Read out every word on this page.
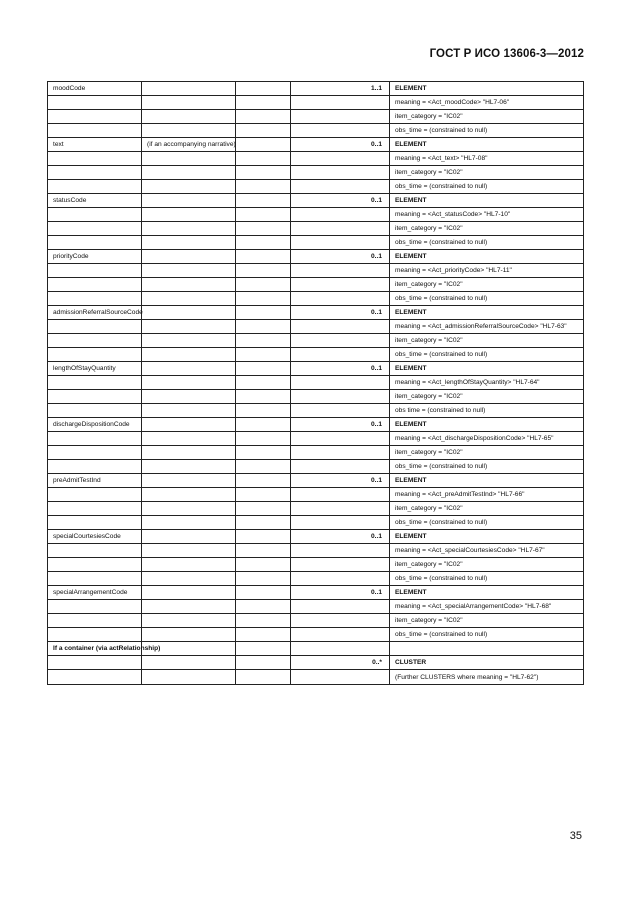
ГОСТ Р ИСО 13606-3—2012
moodCode			1..1	ELEMENT
				meaning = <Act_moodCode> "HL7-06"
				item_category = "IC02"
				obs_time = (constrained to null)
text	(if an accompanying narrative)		0..1	ELEMENT
				meaning = <Act_text> "HL7-08"
				item_category = "IC02"
				obs_time = (constrained to null)
statusCode			0..1	ELEMENT
				meaning = <Act_statusCode> "HL7-10"
				item_category = "IC02"
				obs_time = (constrained to null)
priorityCode			0..1	ELEMENT
				meaning = <Act_priorityCode> "HL7-11"
				item_category = "IC02"
				obs_time = (constrained to null)
admissionReferralSourceCode			0..1	ELEMENT
				meaning = <Act_admissionReferralSourceCode> "HL7-63"
				item_category = "IC02"
				obs_time = (constrained to null)
lengthOfStayQuantity			0..1	ELEMENT
				meaning = <Act_lengthOfStayQuantity> "HL7-64"
				item_category = "IC02"
				obs time = (constrained to null)
dischargeDispositionCode			0..1	ELEMENT
				meaning = <Act_dischargeDispositionCode> "HL7-65"
				item_category = "IC02"
				obs_time = (constrained to null)
preAdmitTestInd			0..1	ELEMENT
				meaning = <Act_preAdmitTestInd> "HL7-66"
				item_category = "IC02"
				obs_time = (constrained to null)
specialCourtesiesCode			0..1	ELEMENT
				meaning = <Act_specialCourtesiesCode> "HL7-67"
				item_category = "IC02"
				obs_time = (constrained to null)
specialArrangementCode			0..1	ELEMENT
				meaning = <Act_specialArrangementCode> "HL7-68"
				item_category = "IC02"
				obs_time = (constrained to null)
If a container (via actRelationship)				
			0..*	CLUSTER
				(Further CLUSTERS where meaning = "HL7-62")
35
